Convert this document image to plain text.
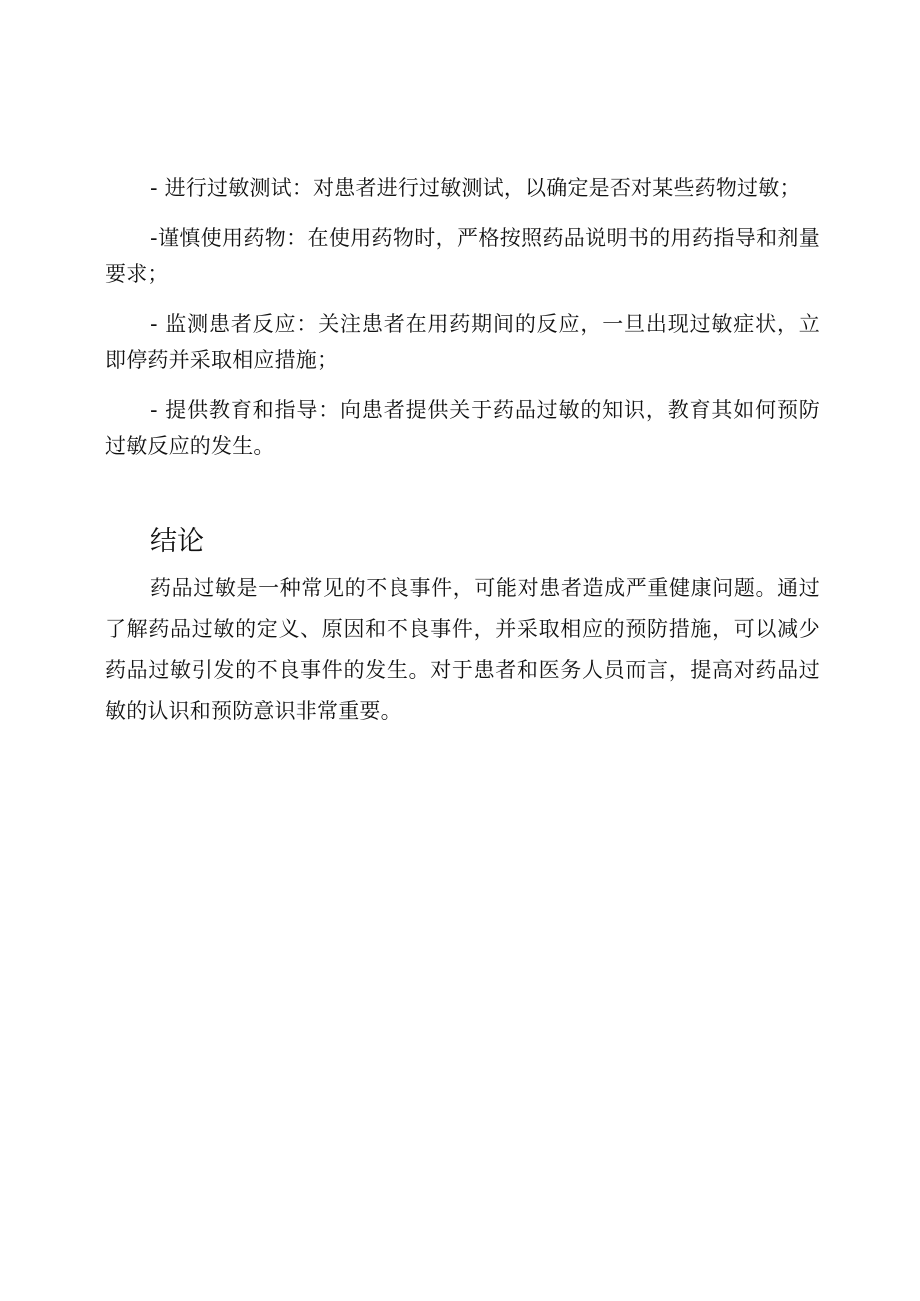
- 进行过敏测试：对患者进行过敏测试，以确定是否对某些药物过敏；

-谨慎使用药物：在使用药物时，严格按照药品说明书的用药指导和剂量要求；

- 监测患者反应：关注患者在用药期间的反应，一旦出现过敏症状，立即停药并采取相应措施；

- 提供教育和指导：向患者提供关于药品过敏的知识，教育其如何预防过敏反应的发生。

结论

药品过敏是一种常见的不良事件，可能对患者造成严重健康问题。通过了解药品过敏的定义、原因和不良事件，并采取相应的预防措施，可以减少药品过敏引发的不良事件的发生。对于患者和医务人员而言，提高对药品过敏的认识和预防意识非常重要。
